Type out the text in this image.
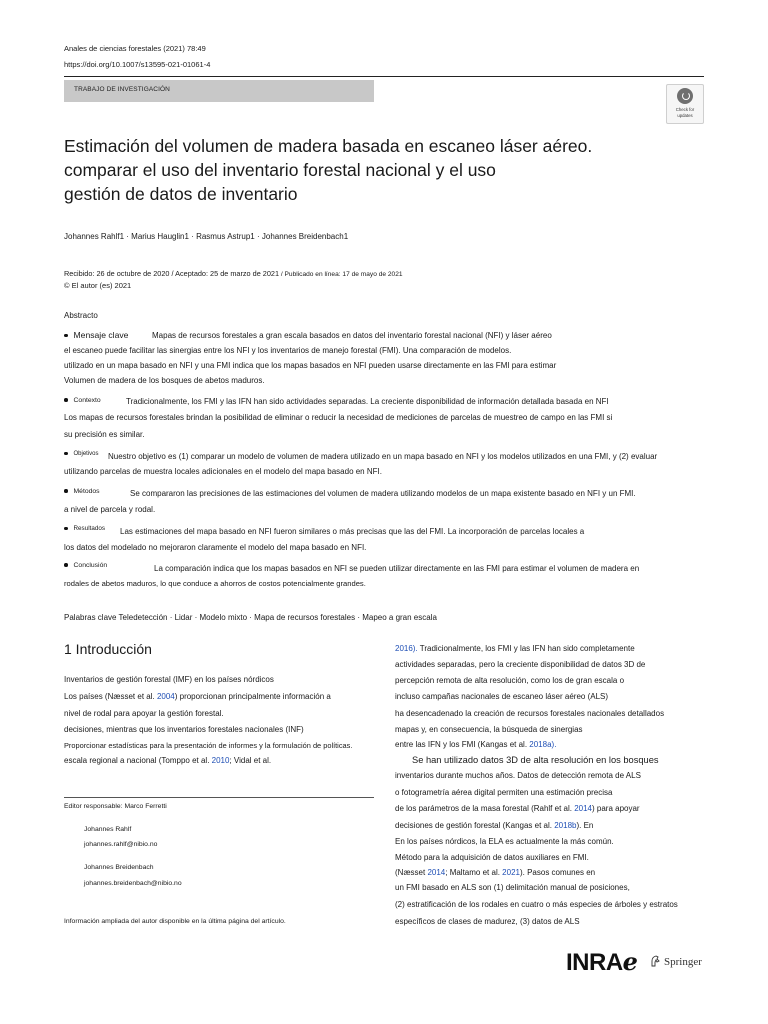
Anales de ciencias forestales (2021) 78:49
https://doi.org/10.1007/s13595-021-01061-4
TRABAJO DE INVESTIGACIÓN
Check for
updates
Estimación del volumen de madera basada en escaneo láser aéreo.
comparar el uso del inventario forestal nacional y el uso
gestión de datos de inventario
Johannes Rahlf1 · Marius Hauglin1 · Rasmus Astrup1 · Johannes Breidenbach1
Recibido: 26 de octubre de 2020 / Aceptado: 25 de marzo de 2021 / Publicado en línea: 17 de mayo de 2021
© El autor (es) 2021
Abstracto
Mensaje clave	Mapas de recursos forestales a gran escala basados en datos del inventario forestal nacional (NFI) y láser aéreo
el escaneo puede facilitar las sinergias entre los NFI y los inventarios de manejo forestal (FMI). Una comparación de modelos.
utilizado en un mapa basado en NFI y una FMI indica que los mapas basados en NFI pueden usarse directamente en las FMI para estimar
Volumen de madera de los bosques de abetos maduros.
Contexto	Tradicionalmente, los FMI y las IFN han sido actividades separadas. La creciente disponibilidad de información detallada basada en NFI
Los mapas de recursos forestales brindan la posibilidad de eliminar o reducir la necesidad de mediciones de parcelas de muestreo de campo en las FMI si
su precisión es similar.
Objetivos Nuestro objetivo es (1) comparar un modelo de volumen de madera utilizado en un mapa basado en NFI y los modelos utilizados en una FMI, y (2) evaluar
utilizando parcelas de muestra locales adicionales en el modelo del mapa basado en NFI.
Métodos	Se compararon las precisiones de las estimaciones del volumen de madera utilizando modelos de un mapa existente basado en NFI y un FMI.
a nivel de parcela y rodal.
Resultados Las estimaciones del mapa basado en NFI fueron similares o más precisas que las del FMI. La incorporación de parcelas locales a
los datos del modelado no mejoraron claramente el modelo del mapa basado en NFI.
Conclusión	La comparación indica que los mapas basados en NFI se pueden utilizar directamente en las FMI para estimar el volumen de madera en
rodales de abetos maduros, lo que conduce a ahorros de costos potencialmente grandes.
Palabras clave Teledetección · Lidar · Modelo mixto · Mapa de recursos forestales · Mapeo a gran escala
1 Introducción
Inventarios de gestión forestal (IMF) en los países nórdicos
Los países (Næsset et al. 2004) proporcionan principalmente información a
nivel de rodal para apoyar la gestión forestal.
decisiones, mientras que los inventarios forestales nacionales (INF)
Proporcionar estadísticas para la presentación de informes y la formulación de políticas.
escala regional a nacional (Tomppo et al. 2010; Vidal et al.
Editor responsable: Marco Ferretti
Johannes Rahlf
johannes.rahlf@nibio.no
Johannes Breidenbach
johannes.breidenbach@nibio.no
Información ampliada del autor disponible en la última página del artículo.
2016). Tradicionalmente, los FMI y las IFN han sido completamente
actividades separadas, pero la creciente disponibilidad de datos 3D de
percepción remota de alta resolución, como los de gran escala o
incluso campañas nacionales de escaneo láser aéreo (ALS)
ha desencadenado la creación de recursos forestales nacionales detallados
mapas y, en consecuencia, la búsqueda de sinergias
entre las IFN y los FMI (Kangas et al. 2018a).
Se han utilizado datos 3D de alta resolución en los bosques
inventarios durante muchos años. Datos de detección remota de ALS
o fotogrametría aérea digital permiten una estimación precisa
de los parámetros de la masa forestal (Rahlf et al. 2014) para apoyar
decisiones de gestión forestal (Kangas et al. 2018b). En
En los países nórdicos, la ELA es actualmente la más común.
Método para la adquisición de datos auxiliares en FMI.
(Næsset 2014; Maltamo et al. 2021). Pasos comunes en
un FMI basado en ALS son (1) delimitación manual de posiciones,
(2) estratificación de los rodales en cuatro o más especies de árboles y estratos
específicos de clases de madurez, (3) datos de ALS
INRAℯ	Springer
